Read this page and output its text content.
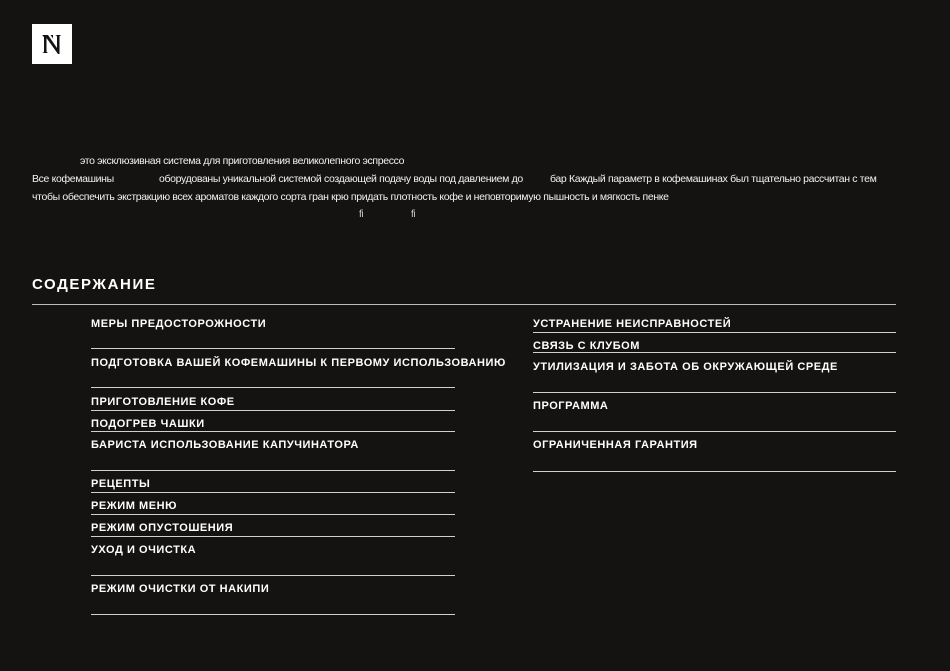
это эксклюзивная система для приготовления великолепного эспрессо
Все кофемашины	оборудованы уникальной системой создающей подачу воды под давлением до	бар Каждый параметр в кофемашинах был тщательно рассчитан с тем
чтобы обеспечить экстракцию всех ароматов каждого сорта гран крю придать плотность кофе и неповторимую пышность и мягкость пенке
fi	fi
СОДЕРЖАНИЕ
МЕРЫ ПРЕДОСТОРОЖНОСТИ
ПОДГОТОВКА ВАШЕЙ КОФЕМАШИНЫ К ПЕРВОМУ ИСПОЛЬЗОВАНИЮ
ПРИГОТОВЛЕНИЕ КОФЕ
ПОДОГРЕВ ЧАШКИ
БАРИСТА ИСПОЛЬЗОВАНИЕ КАПУЧИНАТОРА
РЕЦЕПТЫ
РЕЖИМ МЕНЮ
РЕЖИМ ОПУСТОШЕНИЯ
УХОД И ОЧИСТКА
РЕЖИМ ОЧИСТКИ ОТ НАКИПИ
УСТРАНЕНИЕ НЕИСПРАВНОСТЕЙ
СВЯЗЬ С КЛУБОМ
УТИЛИЗАЦИЯ И ЗАБОТА ОБ ОКРУЖАЮЩЕЙ СРЕДЕ
ПРОГРАММА
ОГРАНИЧЕННАЯ ГАРАНТИЯ
